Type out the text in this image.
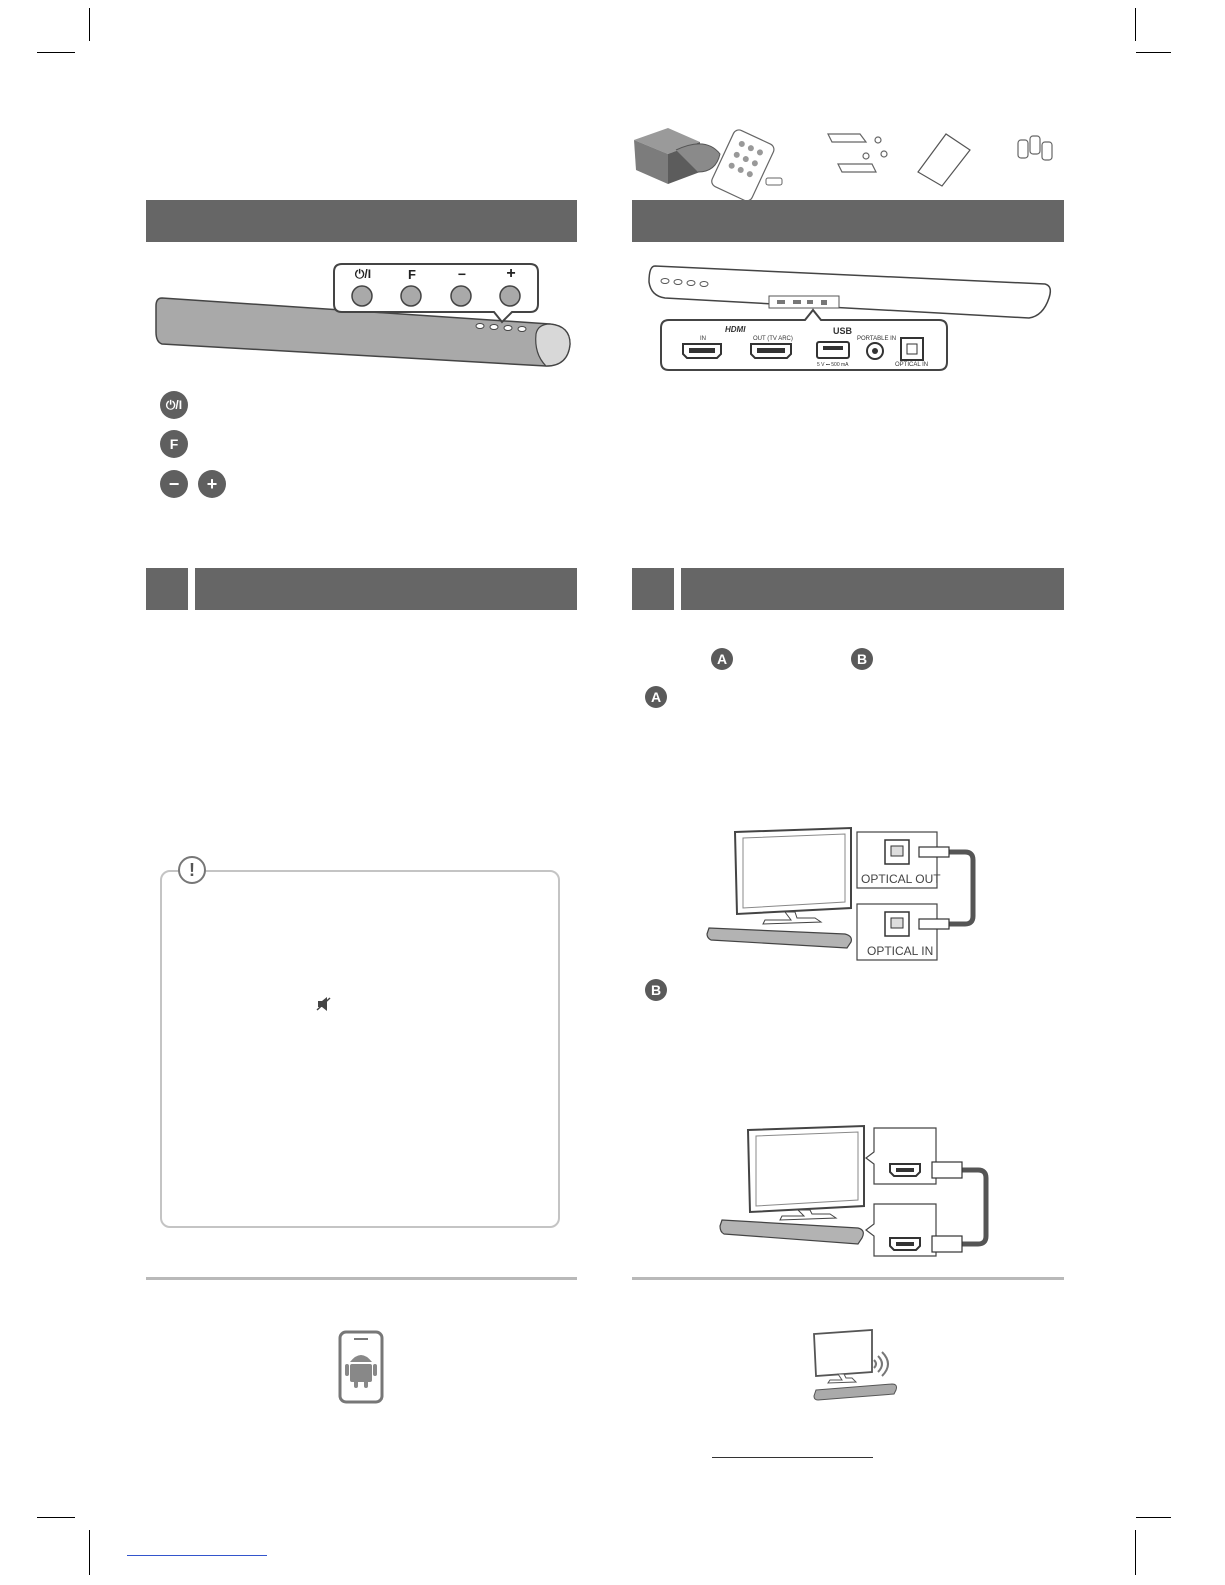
⏻/I	F	−	+
⏻/I
F
−	+
IN	OUT (TV ARC)
HDMI	USB
5 V ⎓ 500 mA
PORTABLE IN
OPTICAL IN
A	B
A
B
OPTICAL OUT
OPTICAL IN
!
